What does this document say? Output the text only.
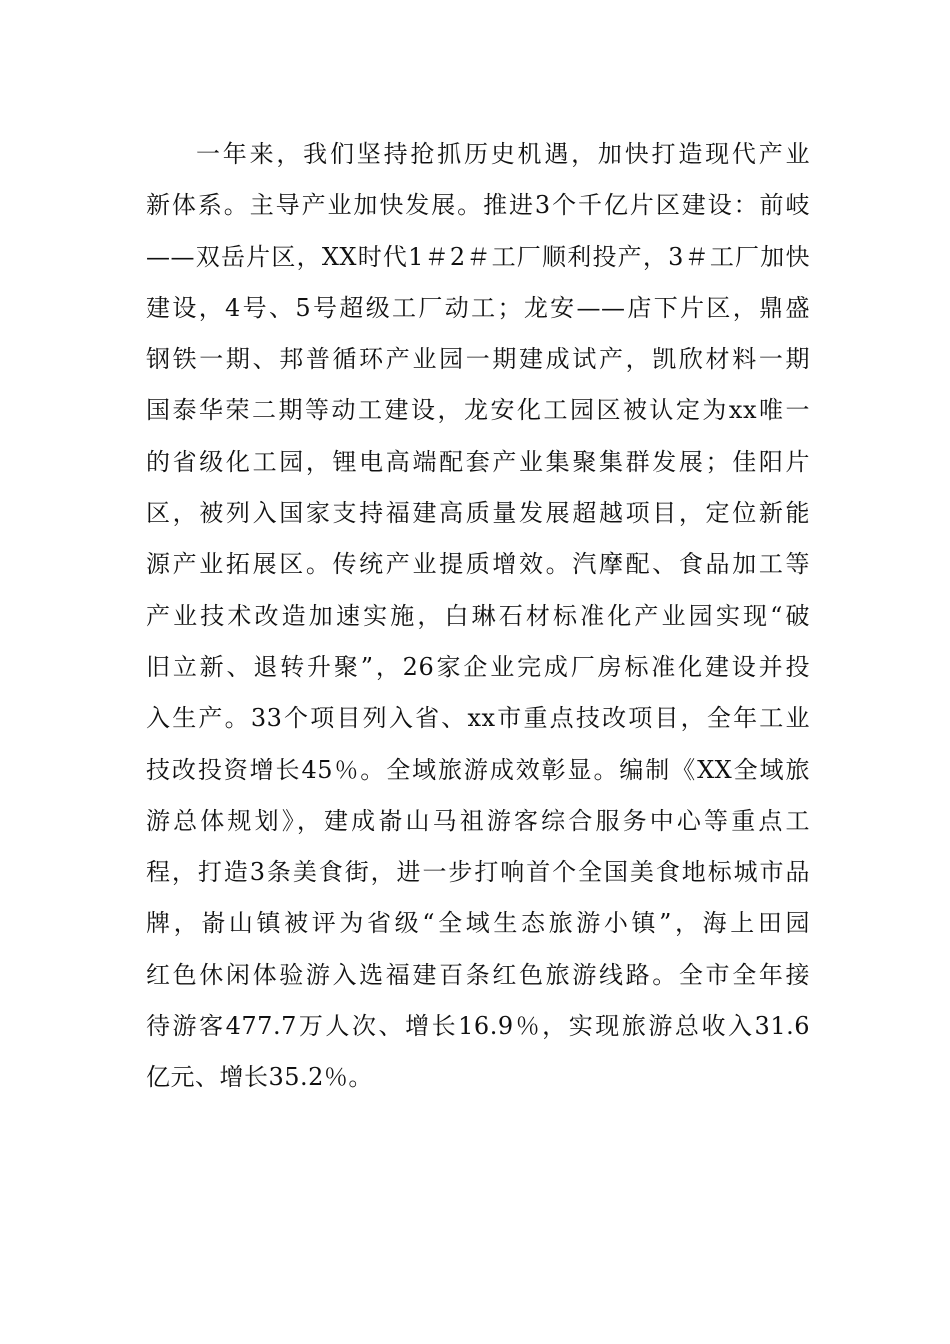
一年来，我们坚持抢抓历史机遇，加快打造现代产业
新体系。主导产业加快发展。推进3个千亿片区建设：前岐
——双岳片区，XX时代1＃2＃工厂顺利投产，3＃工厂加快
建设，4号、5号超级工厂动工；龙安——店下片区，鼎盛
钢铁一期、邦普循环产业园一期建成试产，凯欣材料一期
国泰华荣二期等动工建设，龙安化工园区被认定为xx唯一
的省级化工园，锂电高端配套产业集聚集群发展；佳阳片
区，被列入国家支持福建高质量发展超越项目，定位新能
源产业拓展区。传统产业提质增效。汽摩配、食品加工等
产业技术改造加速实施，白琳石材标准化产业园实现“破
旧立新、退转升聚”，26家企业完成厂房标准化建设并投
入生产。33个项目列入省、xx市重点技改项目，全年工业
技改投资增长45％。全域旅游成效彰显。编制《XX全域旅
游总体规划》，建成嵛山马祖游客综合服务中心等重点工
程，打造3条美食街，进一步打响首个全国美食地标城市品
牌，嵛山镇被评为省级“全域生态旅游小镇”，海上田园
红色休闲体验游入选福建百条红色旅游线路。全市全年接
待游客477.7万人次、增长16.9％，实现旅游总收入31.6
亿元、增长35.2％。
